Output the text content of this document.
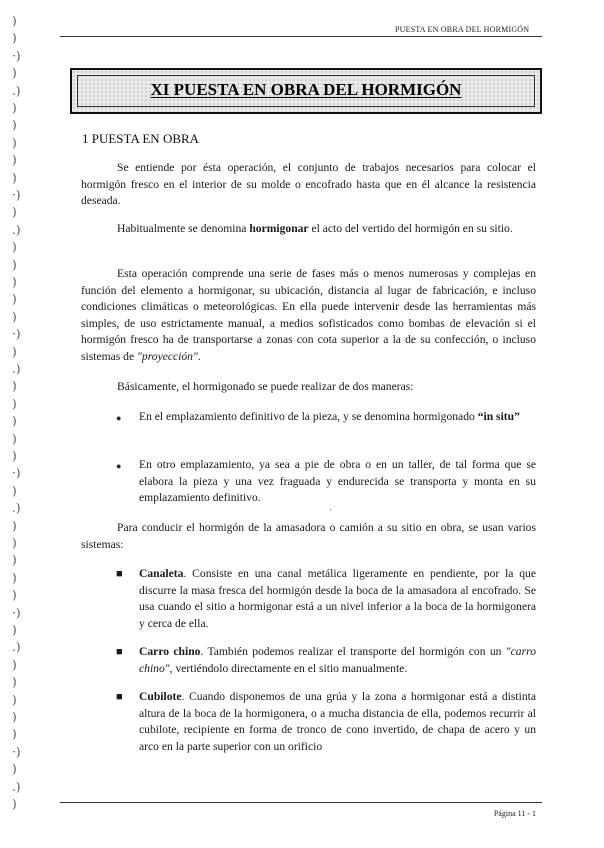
)
)
·)
)
.)
)
)
)
)
)
·)
)
.)
)
)
)
)
)
·)
)
.)
)
)
)
)
)
·)
)
.)
)
)
)
)
)
·)
)
.)
)
)
)
)
)
·)
)
.)
)
PUESTA EN OBRA DEL HORMIGÓN
XI PUESTA EN OBRA DEL HORMIGÓN
1 PUESTA EN OBRA

Se entiende por ésta operación, el conjunto de trabajos necesarios para colocar el hormigón fresco en el interior de su molde o encofrado hasta que en él alcance la resistencia deseada.

Habitualmente se denomina hormigonar el acto del vertido del hormigón en su sitio.

Esta operación comprende una serie de fases más o menos numerosas y complejas en función del elemento a hormigonar, su ubicación, distancia al lugar de fabricación, e incluso condiciones climáticas o meteorológicas. En ella puede intervenir desde las herramientas más simples, de uso estrictamente manual, a medios sofisticados como bombas de elevación si el hormigón fresco ha de transportarse a zonas con cota superior a la de su confección, o incluso sistemas de "proyección".

Básicamente, el hormigonado se puede realizar de dos maneras:

● En el emplazamiento definitivo de la pieza, y se denomina hormigonado “in situ”
● En otro emplazamiento, ya sea a pie de obra o en un taller, de tal forma que se elabora la pieza y una vez fraguada y endurecida se transporta y monta en su emplazamiento definitivo.
'

Para conducir el hormigón de la amasadora o camión a su sitio en obra, se usan varios sistemas:

■ Canaleta. Consiste en una canal metálica ligeramente en pendiente, por la que discurre la masa fresca del hormigón desde la boca de la amasadora al encofrado. Se usa cuando el sitio a hormigonar está a un nivel inferior a la boca de la hormigonera y cerca de ella.
■ Carro chino. También podemos realizar el transporte del hormigón con un "carro chino", vertiéndolo directamente en el sitio manualmente.
■ Cubilote. Cuando disponemos de una grúa y la zona a hormigonar está a distinta altura de la boca de la hormigonera, o a mucha distancia de ella, podemos recurrir al cubilote, recipiente en forma de tronco de cono invertido, de chapa de acero y un arco en la parte superior con un orificio
Página 11 - 1
